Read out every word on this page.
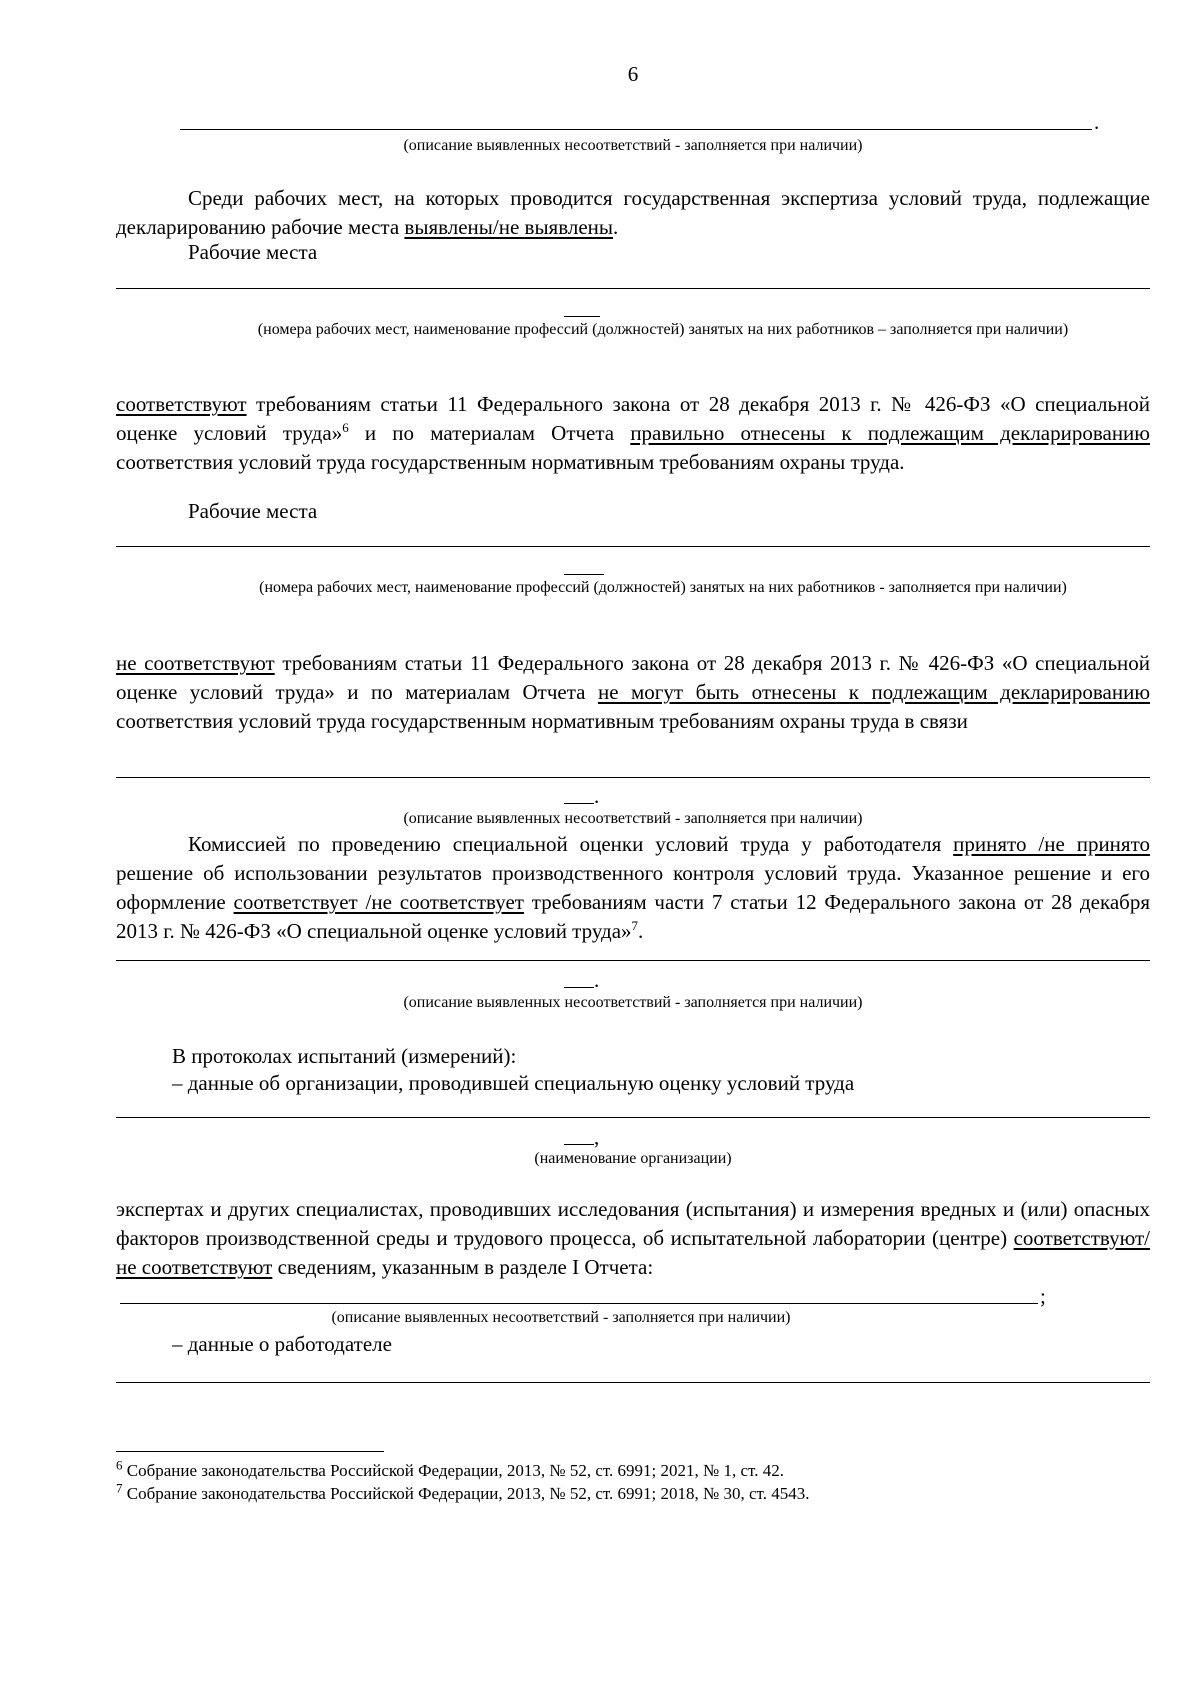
6
.
(описание выявленных несоответствий - заполняется при наличии)
Среди рабочих мест, на которых проводится государственная экспертиза условий труда, подлежащие декларированию рабочие места выявлены/не выявлены.
Рабочие места
(номера рабочих мест, наименование профессий (должностей) занятых на них работников – заполняется при наличии)
соответствуют требованиям статьи 11 Федерального закона от 28 декабря 2013 г. № 426-ФЗ «О специальной оценке условий труда»$^6$ и по материалам Отчета правильно отнесены к подлежащим декларированию соответствия условий труда государственным нормативным требованиям охраны труда.
Рабочие места
(номера рабочих мест, наименование профессий (должностей) занятых на них работников - заполняется при наличии)
не соответствуют требованиям статьи 11 Федерального закона от 28 декабря 2013 г. № 426-ФЗ «О специальной оценке условий труда» и по материалам Отчета не могут быть отнесены к подлежащим декларированию соответствия условий труда государственным нормативным требованиям охраны труда в связи
.
(описание выявленных несоответствий - заполняется при наличии)
Комиссией по проведению специальной оценки условий труда у работодателя принято /не принято решение об использовании результатов производственного контроля условий труда. Указанное решение и его оформление соответствует /не соответствует требованиям части 7 статьи 12 Федерального закона от 28 декабря 2013 г. № 426-ФЗ «О специальной оценке условий труда»$^7$.
.
(описание выявленных несоответствий - заполняется при наличии)
В протоколах испытаний (измерений):
– данные об организации, проводившей специальную оценку условий труда
,
(наименование организации)
экспертах и других специалистах, проводивших исследования (испытания) и измерения вредных и (или) опасных факторов производственной среды и трудового процесса, об испытательной лаборатории (центре) соответствуют/не соответствуют сведениям, указанным в разделе I Отчета:
;
(описание выявленных несоответствий - заполняется при наличии)
– данные о работодателе
$^6$ Собрание законодательства Российской Федерации, 2013, № 52, ст. 6991; 2021, № 1, ст. 42.
$^7$ Собрание законодательства Российской Федерации, 2013, № 52, ст. 6991; 2018, № 30, ст. 4543.
